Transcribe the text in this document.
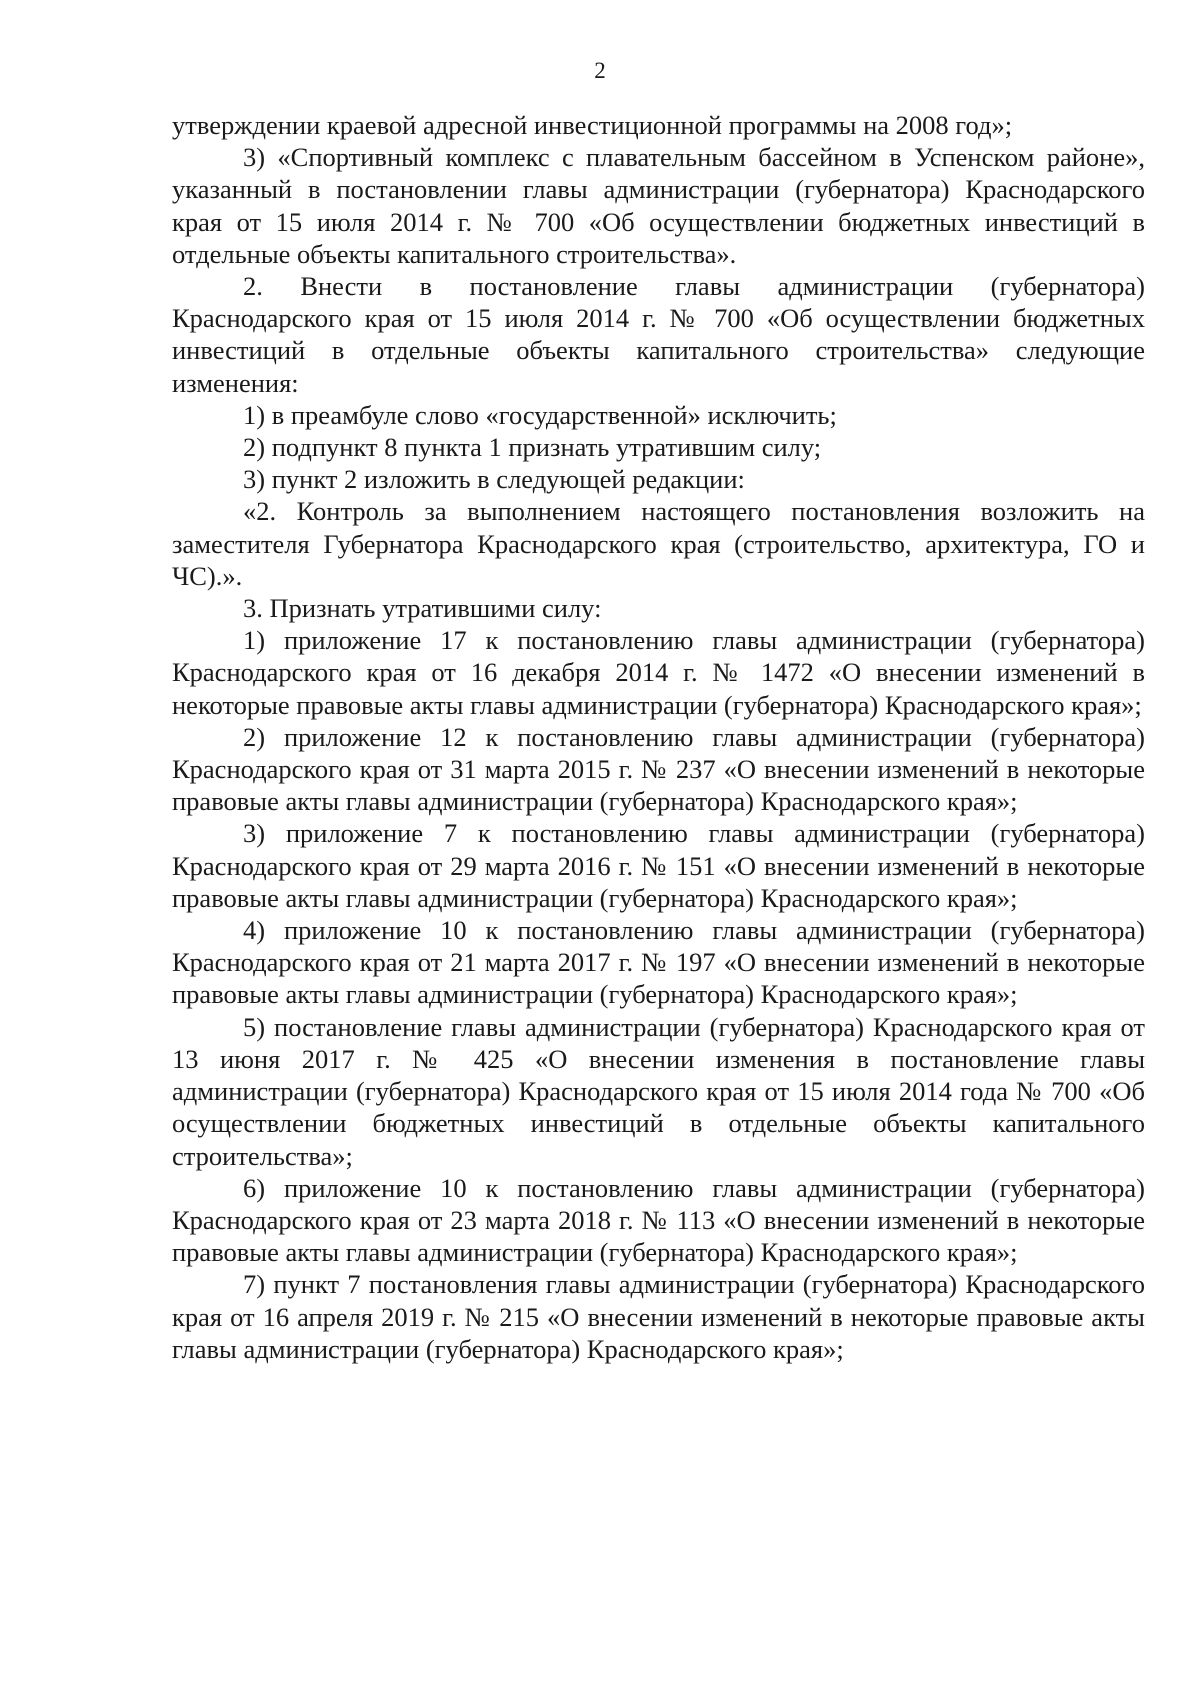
2

утверждении краевой адресной инвестиционной программы на 2008 год»;

3) «Спортивный комплекс с плавательным бассейном в Успенском районе», указанный в постановлении главы администрации (губернатора) Краснодарского края от 15 июля 2014 г. № 700 «Об осуществлении бюджетных инвестиций в отдельные объекты капитального строительства».

2. Внести в постановление главы администрации (губернатора) Краснодарского края от 15 июля 2014 г. № 700 «Об осуществлении бюджетных инвестиций в отдельные объекты капитального строительства» следующие изменения:

1) в преамбуле слово «государственной» исключить;

2) подпункт 8 пункта 1 признать утратившим силу;

3) пункт 2 изложить в следующей редакции:

«2. Контроль за выполнением настоящего постановления возложить на заместителя Губернатора Краснодарского края (строительство, архитектура, ГО и ЧС).».

3. Признать утратившими силу:

1) приложение 17 к постановлению главы администрации (губернатора) Краснодарского края от 16 декабря 2014 г. № 1472 «О внесении изменений в некоторые правовые акты главы администрации (губернатора) Краснодарского края»;

2) приложение 12 к постановлению главы администрации (губернатора) Краснодарского края от 31 марта 2015 г. № 237 «О внесении изменений в некоторые правовые акты главы администрации (губернатора) Краснодарского края»;

3) приложение 7 к постановлению главы администрации (губернатора) Краснодарского края от 29 марта 2016 г. № 151 «О внесении изменений в некоторые правовые акты главы администрации (губернатора) Краснодарского края»;

4) приложение 10 к постановлению главы администрации (губернатора) Краснодарского края от 21 марта 2017 г. № 197 «О внесении изменений в некоторые правовые акты главы администрации (губернатора) Краснодарского края»;

5) постановление главы администрации (губернатора) Краснодарского края от 13 июня 2017 г. № 425 «О внесении изменения в постановление главы администрации (губернатора) Краснодарского края от 15 июля 2014 года № 700 «Об осуществлении бюджетных инвестиций в отдельные объекты капитального строительства»;

6) приложение 10 к постановлению главы администрации (губернатора) Краснодарского края от 23 марта 2018 г. № 113 «О внесении изменений в некоторые правовые акты главы администрации (губернатора) Краснодарского края»;

7) пункт 7 постановления главы администрации (губернатора) Краснодарского края от 16 апреля 2019 г. № 215 «О внесении изменений в некоторые правовые акты главы администрации (губернатора) Краснодарского края»;
